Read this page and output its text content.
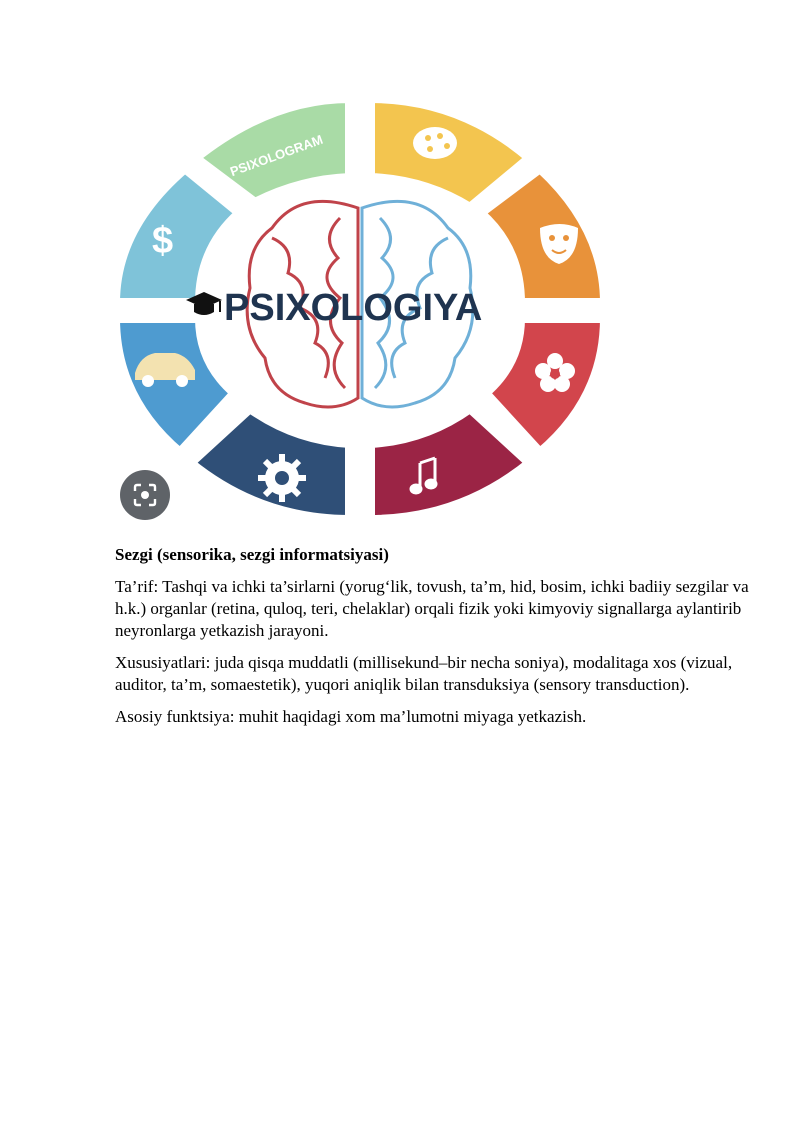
PSIXOLOGRAM
$
PSIXOLOGIYA

Sezgi (sensorika, sezgi informatsiyasi)

Ta’rif: Tashqi va ichki ta’sirlarni (yorug‘lik, tovush, ta’m, hid, bosim, ichki badiiy sezgilar va h.k.) organlar (retina, quloq, teri, chelaklar) orqali fizik yoki kimyoviy signallarga aylantirib neyronlarga yetkazish jarayoni.

Xususiyatlari: juda qisqa muddatli (millisekund–bir necha soniya), modalitaga xos (vizual, auditor, ta’m, somaestetik), yuqori aniqlik bilan transduksiya (sensory transduction).

Asosiy funktsiya: muhit haqidagi xom ma’lumotni miyaga yetkazish.
